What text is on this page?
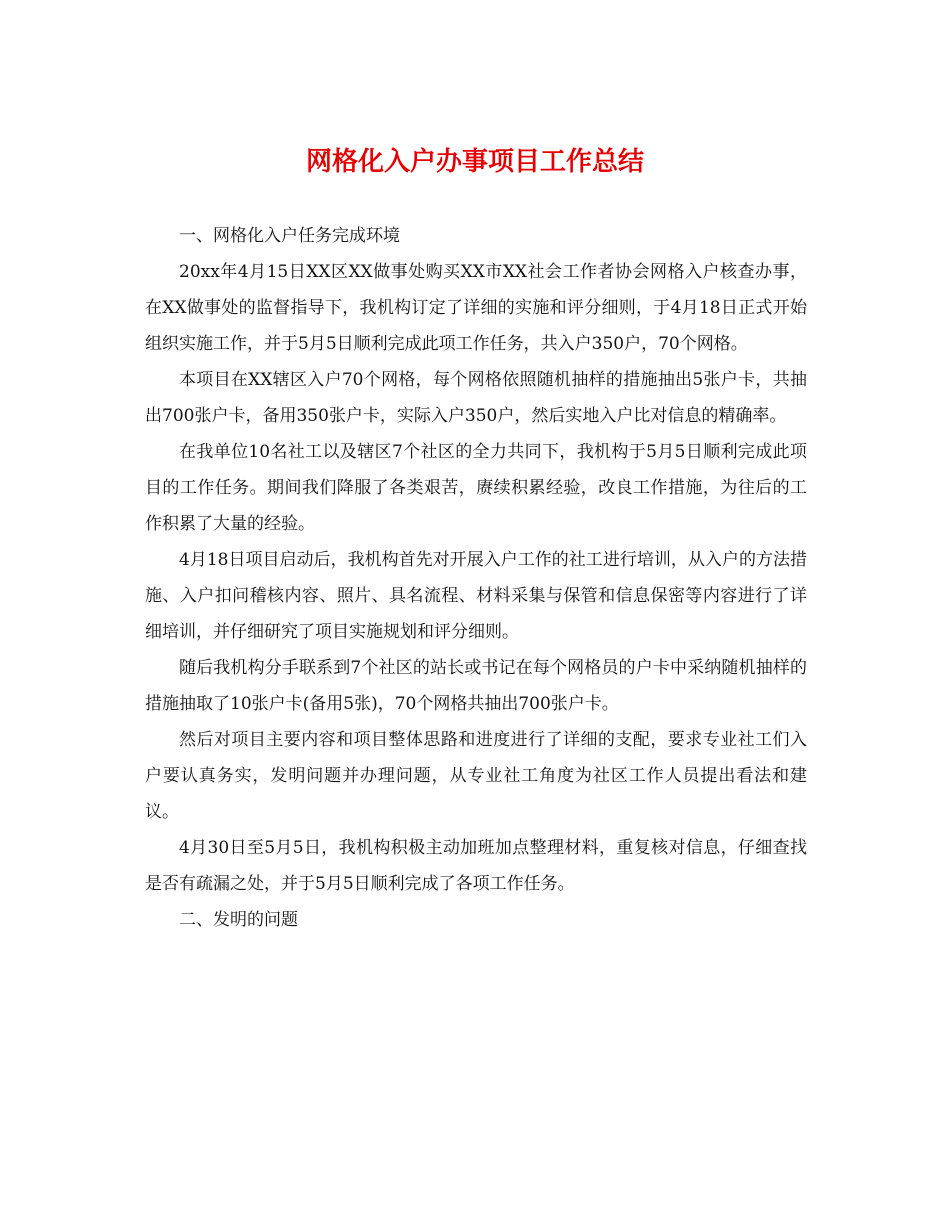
网格化入户办事项目工作总结

一、网格化入户任务完成环境

20xx年4月15日XX区XX做事处购买XX市XX社会工作者协会网格入户核查办事，在XX做事处的监督指导下，我机构订定了详细的实施和评分细则，于4月18日正式开始组织实施工作，并于5月5日顺利完成此项工作任务，共入户350户，70个网格。

本项目在XX辖区入户70个网格，每个网格依照随机抽样的措施抽出5张户卡，共抽出700张户卡，备用350张户卡，实际入户350户，然后实地入户比对信息的精确率。

在我单位10名社工以及辖区7个社区的全力共同下，我机构于5月5日顺利完成此项目的工作任务。期间我们降服了各类艰苦，赓续积累经验，改良工作措施，为往后的工作积累了大量的经验。

4月18日项目启动后，我机构首先对开展入户工作的社工进行培训，从入户的方法措施、入户扣问稽核内容、照片、具名流程、材料采集与保管和信息保密等内容进行了详细培训，并仔细研究了项目实施规划和评分细则。

随后我机构分手联系到7个社区的站长或书记在每个网格员的户卡中采纳随机抽样的措施抽取了10张户卡(备用5张)，70个网格共抽出700张户卡。

然后对项目主要内容和项目整体思路和进度进行了详细的支配，要求专业社工们入户要认真务实，发明问题并办理问题，从专业社工角度为社区工作人员提出看法和建议。

4月30日至5月5日，我机构积极主动加班加点整理材料，重复核对信息，仔细查找是否有疏漏之处，并于5月5日顺利完成了各项工作任务。

二、发明的问题
